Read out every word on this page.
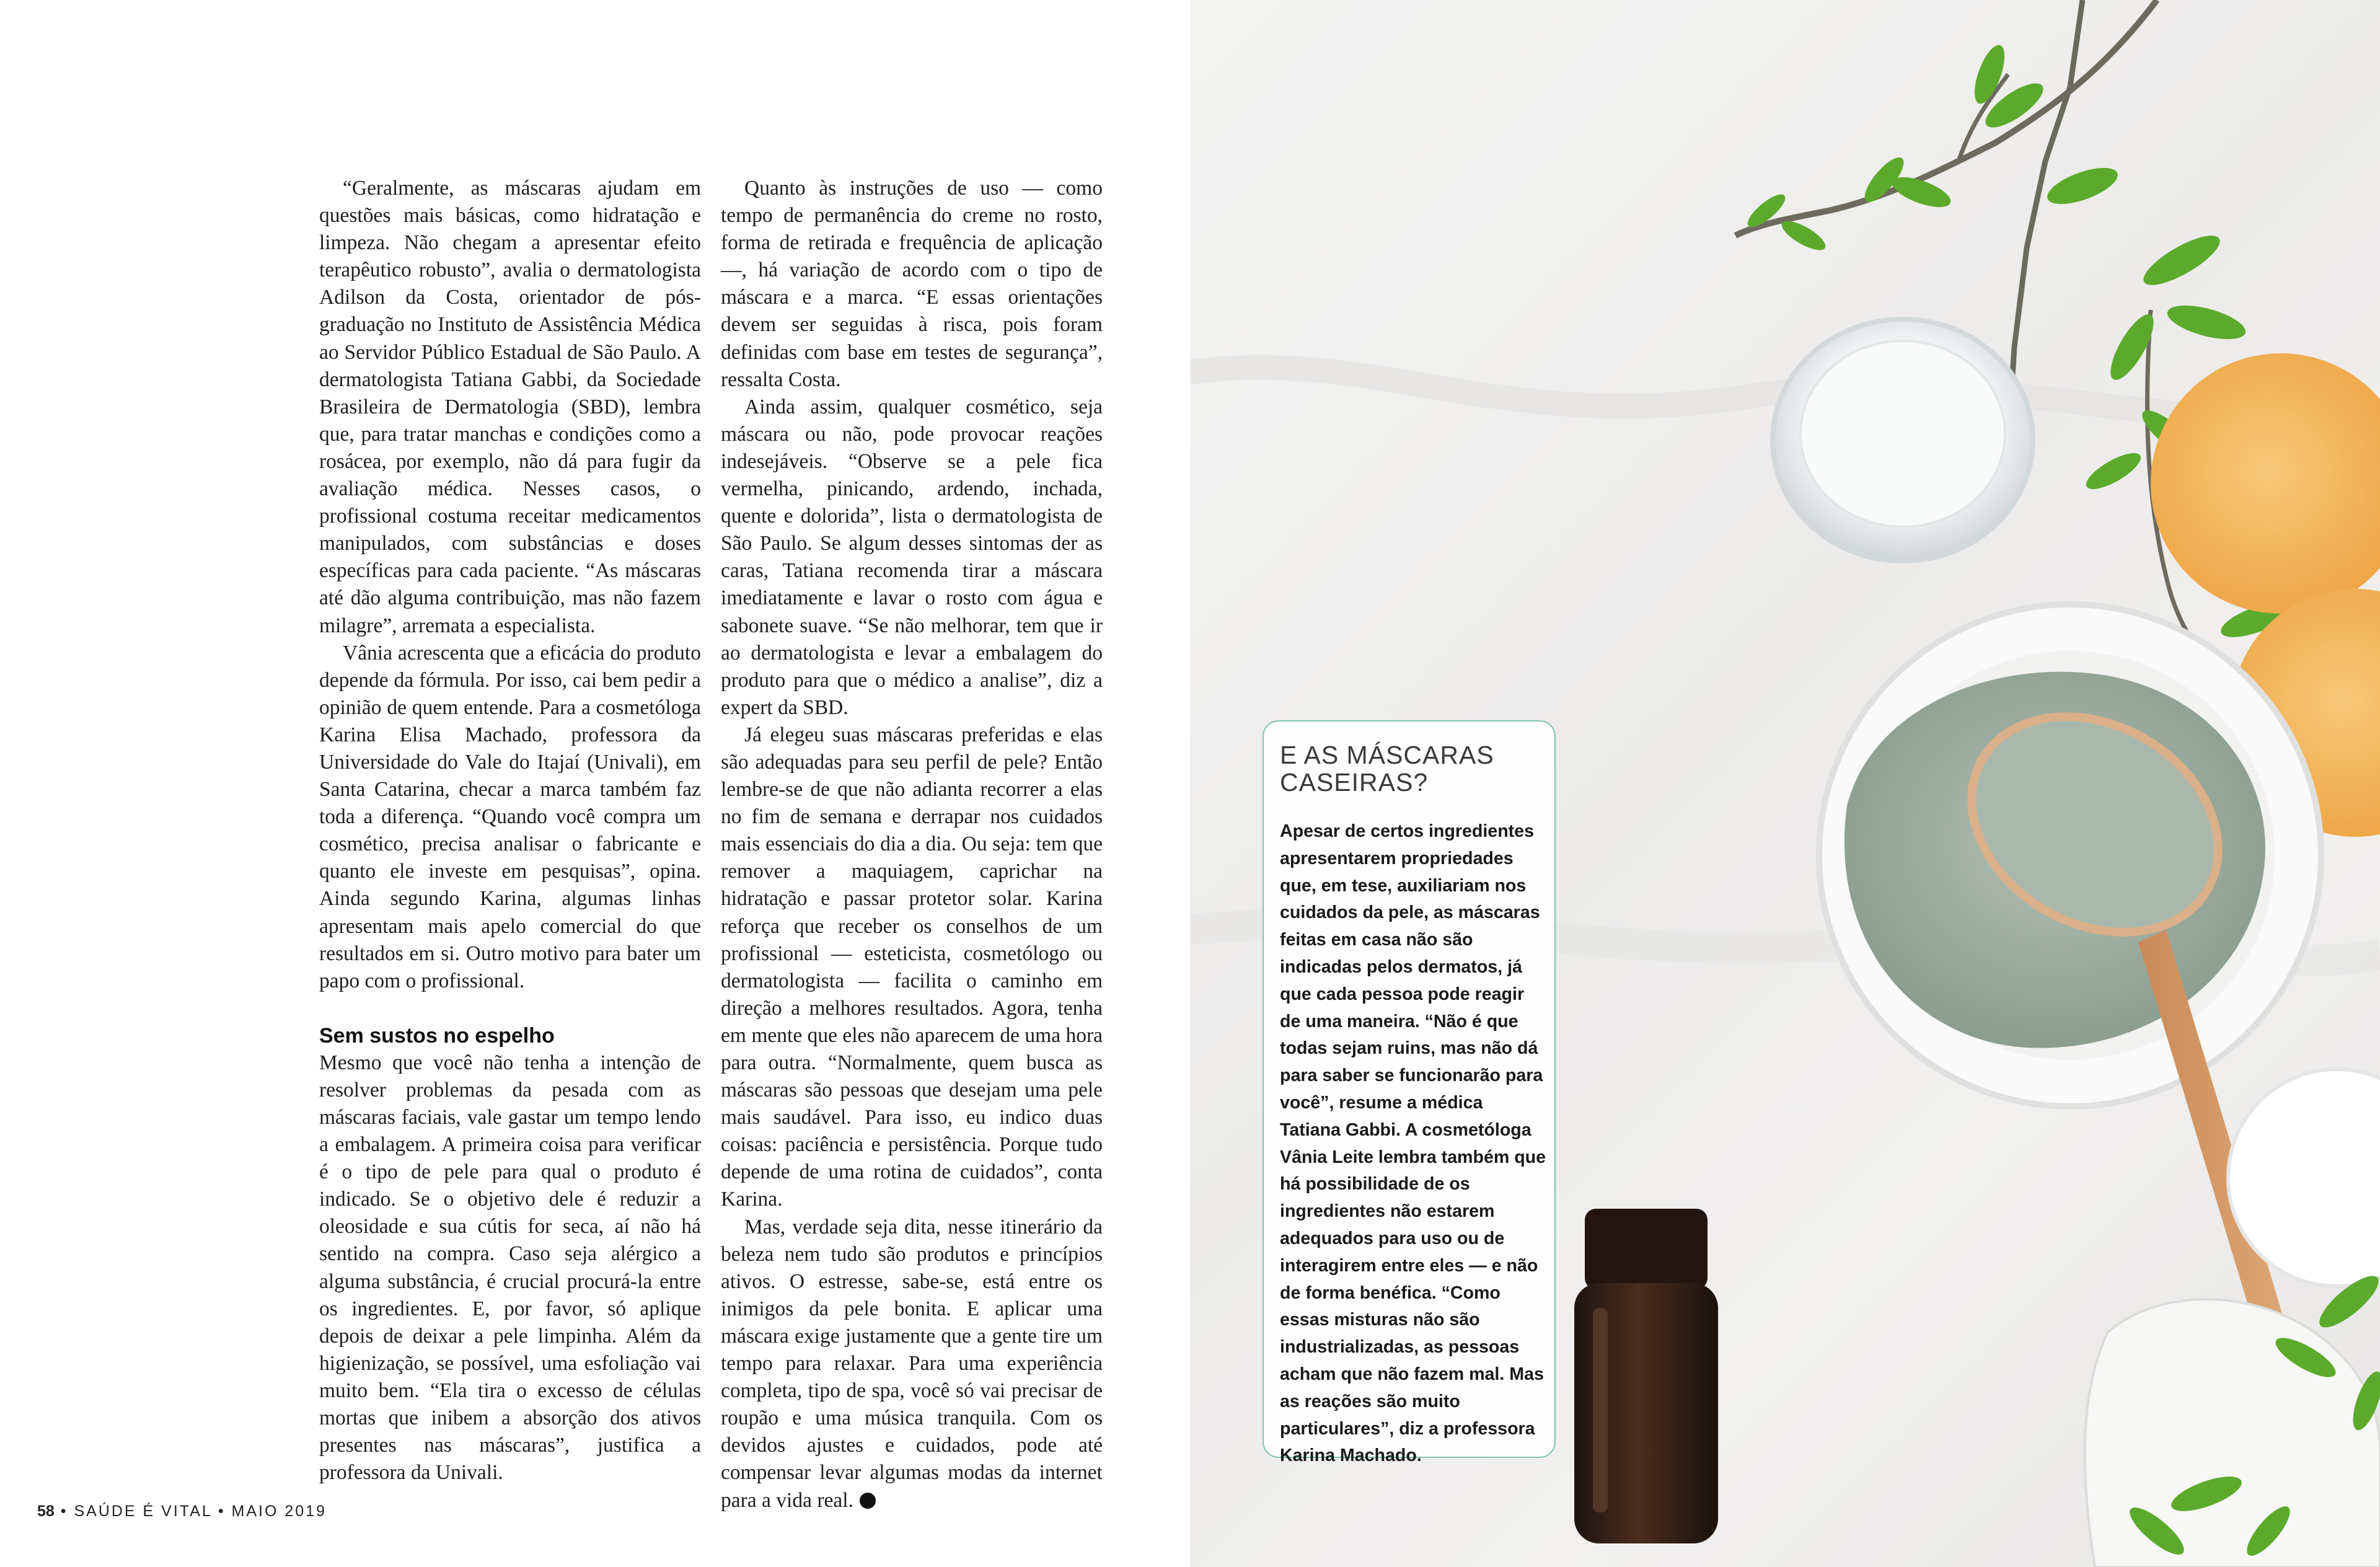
“Geralmente, as máscaras ajudam em questões mais básicas, como hidratação e limpeza. Não chegam a apresentar efeito terapêutico robusto”, avalia o dermatologista Adilson da Costa, orientador de pós-graduação no Instituto de Assistência Médica ao Servidor Público Estadual de São Paulo. A dermatologista Tatiana Gabbi, da Sociedade Brasileira de Dermatologia (SBD), lembra que, para tratar manchas e condições como a rosácea, por exemplo, não dá para fugir da avaliação médica. Nesses casos, o profissional costuma receitar medicamentos manipulados, com substâncias e doses específicas para cada paciente. “As máscaras até dão alguma contribuição, mas não fazem milagre”, arremata a especialista.

Vânia acrescenta que a eficácia do produto depende da fórmula. Por isso, cai bem pedir a opinião de quem entende. Para a cosmetóloga Karina Elisa Machado, professora da Universidade do Vale do Itajaí (Univali), em Santa Catarina, checar a marca também faz toda a diferença. “Quando você compra um cosmético, precisa analisar o fabricante e quanto ele investe em pesquisas”, opina. Ainda segundo Karina, algumas linhas apresentam mais apelo comercial do que resultados em si. Outro motivo para bater um papo com o profissional.

Sem sustos no espelho

Mesmo que você não tenha a intenção de resolver problemas da pesada com as máscaras faciais, vale gastar um tempo lendo a embalagem. A primeira coisa para verificar é o tipo de pele para qual o produto é indicado. Se o objetivo dele é reduzir a oleosidade e sua cútis for seca, aí não há sentido na compra. Caso seja alérgico a alguma substância, é crucial procurá-la entre os ingredientes. E, por favor, só aplique depois de deixar a pele limpinha. Além da higienização, se possível, uma esfoliação vai muito bem. “Ela tira o excesso de células mortas que inibem a absorção dos ativos presentes nas máscaras”, justifica a professora da Univali.

Quanto às instruções de uso — como tempo de permanência do creme no rosto, forma de retirada e frequência de aplicação —, há variação de acordo com o tipo de máscara e a marca. “E essas orientações devem ser seguidas à risca, pois foram definidas com base em testes de segurança”, ressalta Costa.

Ainda assim, qualquer cosmético, seja máscara ou não, pode provocar reações indesejáveis. “Observe se a pele fica vermelha, pinicando, ardendo, inchada, quente e dolorida”, lista o dermatologista de São Paulo. Se algum desses sintomas der as caras, Tatiana recomenda tirar a máscara imediatamente e lavar o rosto com água e sabonete suave. “Se não melhorar, tem que ir ao dermatologista e levar a embalagem do produto para que o médico a analise”, diz a expert da SBD.

Já elegeu suas máscaras preferidas e elas são adequadas para seu perfil de pele? Então lembre-se de que não adianta recorrer a elas no fim de semana e derrapar nos cuidados mais essenciais do dia a dia. Ou seja: tem que remover a maquiagem, caprichar na hidratação e passar protetor solar. Karina reforça que receber os conselhos de um profissional — esteticista, cosmetólogo ou dermatologista — facilita o caminho em direção a melhores resultados. Agora, tenha em mente que eles não aparecem de uma hora para outra. “Normalmente, quem busca as máscaras são pessoas que desejam uma pele mais saudável. Para isso, eu indico duas coisas: paciência e persistência. Porque tudo depende de uma rotina de cuidados”, conta Karina.

Mas, verdade seja dita, nesse itinerário da beleza nem tudo são produtos e princípios ativos. O estresse, sabe-se, está entre os inimigos da pele bonita. E aplicar uma máscara exige justamente que a gente tire um tempo para relaxar. Para uma experiência completa, tipo de spa, você só vai precisar de roupão e uma música tranquila. Com os devidos ajustes e cuidados, pode até compensar levar algumas modas da internet para a vida real.

58 • SAÚDE É VITAL • MAIO 2019
E AS MÁSCARAS CASEIRAS?
Apesar de certos ingredientes apresentarem propriedades que, em tese, auxiliariam nos cuidados da pele, as máscaras feitas em casa não são indicadas pelos dermatos, já que cada pessoa pode reagir de uma maneira. “Não é que todas sejam ruins, mas não dá para saber se funcionarão para você”, resume a médica Tatiana Gabbi. A cosmetóloga Vânia Leite lembra também que há possibilidade de os ingredientes não estarem adequados para uso ou de interagirem entre eles — e não de forma benéfica. “Como essas misturas não são industrializadas, as pessoas acham que não fazem mal. Mas as reações são muito particulares”, diz a professora Karina Machado.
